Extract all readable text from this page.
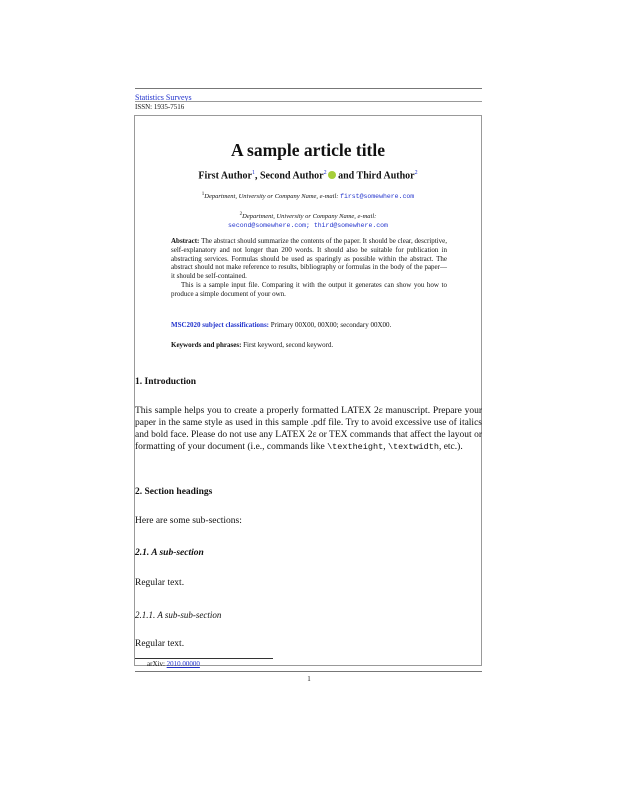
Statistics Surveys
ISSN: 1935-7516
A sample article title
First Author$^1$, Second Author$^2$ and Third Author$^2$
$^1$Department, University or Company Name, e-mail: first@somewhere.com
$^2$Department, University or Company Name, e-mail:
second@somewhere.com; third@somewhere.com
Abstract: The abstract should summarize the contents of the paper. It should be clear, descriptive, self-explanatory and not longer than 200 words. It should also be suitable for publication in abstracting services. Formulas should be used as sparingly as possible within the abstract. The abstract should not make reference to results, bibliography or formulas in the body of the paper—it should be self-contained.
This is a sample input file. Comparing it with the output it generates can show you how to produce a simple document of your own.
MSC2020 subject classifications: Primary 00X00, 00X00; secondary 00X00.
Keywords and phrases: First keyword, second keyword.
1. Introduction
This sample helps you to create a properly formatted LATEX 2ε manuscript. Prepare your paper in the same style as used in this sample .pdf file. Try to avoid excessive use of italics and bold face. Please do not use any LATEX 2ε or TEX commands that affect the layout or formatting of your document (i.e., commands like \textheight, \textwidth, etc.).
2. Section headings
Here are some sub-sections:
2.1. A sub-section
Regular text.
2.1.1. A sub-sub-section
Regular text.
arXiv: 2010.00000
1
